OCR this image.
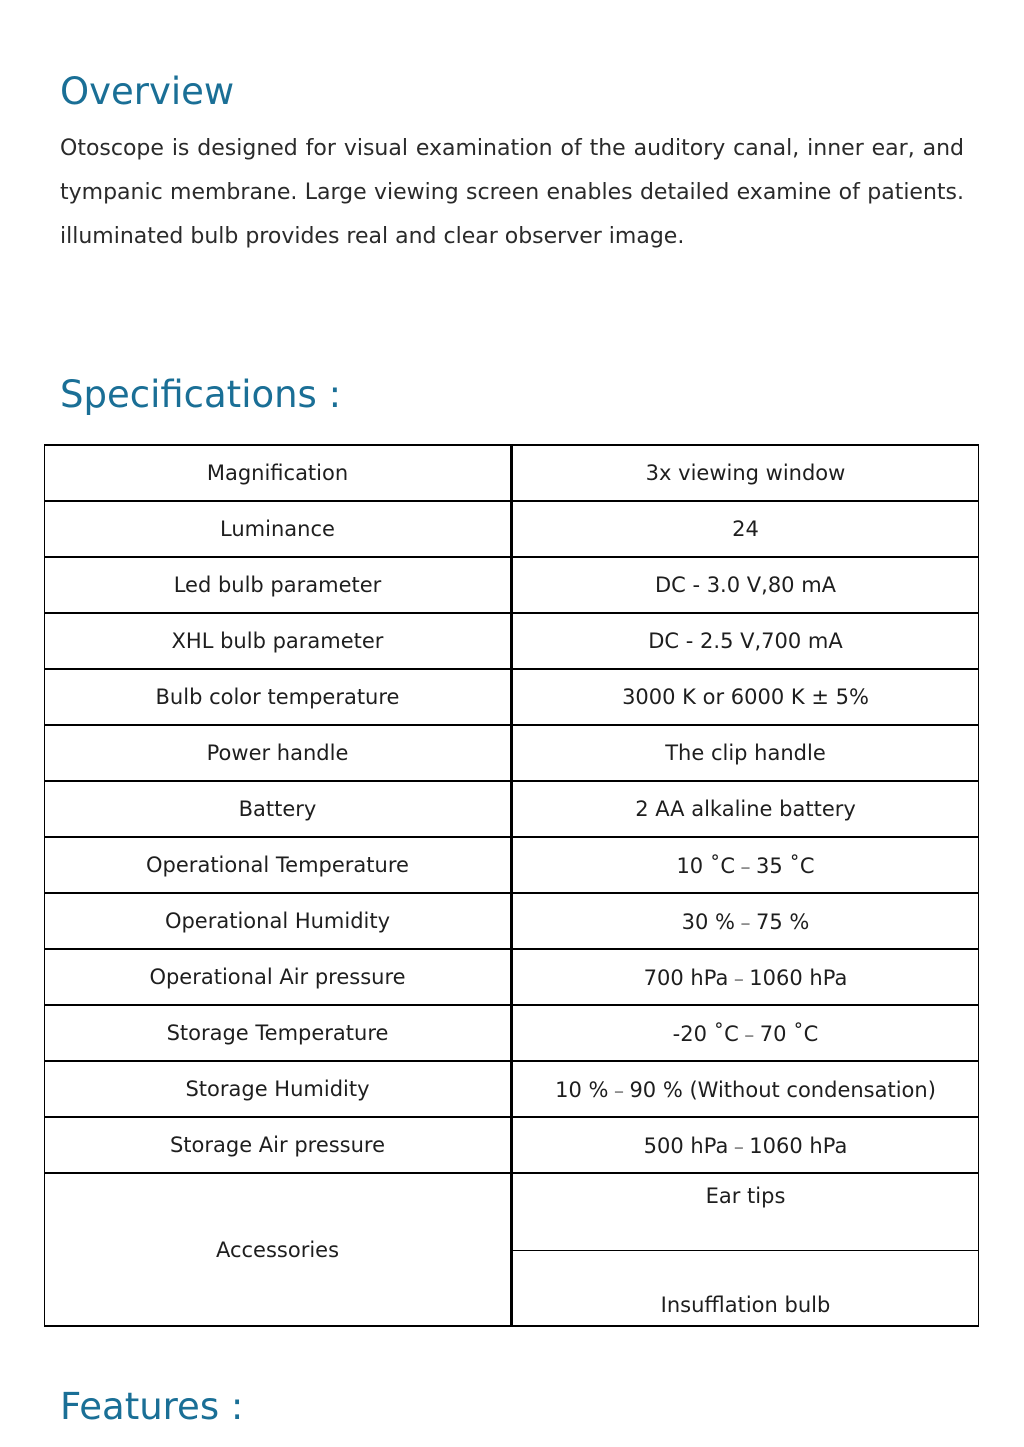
Overview

Otoscope is designed for visual examination of the auditory canal, inner ear, and tympanic membrane. Large viewing screen enables detailed examine of patients. illuminated bulb provides real and clear observer image.

Specifications :
Magnification	3x viewing window
Luminance	24
Led bulb parameter	DC - 3.0 V,80 mA
XHL bulb parameter	DC - 2.5 V,700 mA
Bulb color temperature	3000 K or 6000 K ± 5%
Power handle	The clip handle
Battery	2 AA alkaline battery
Operational Temperature	10 ˚C﹣35 ˚C
Operational Humidity	30 %﹣75 %
Operational Air pressure	700 hPa﹣1060 hPa
Storage Temperature	-20 ˚C﹣70 ˚C
Storage Humidity	10 %﹣90 % (Without condensation)
Storage Air pressure	500 hPa﹣1060 hPa
Accessories	Ear tips
	Insufflation bulb
Features :
